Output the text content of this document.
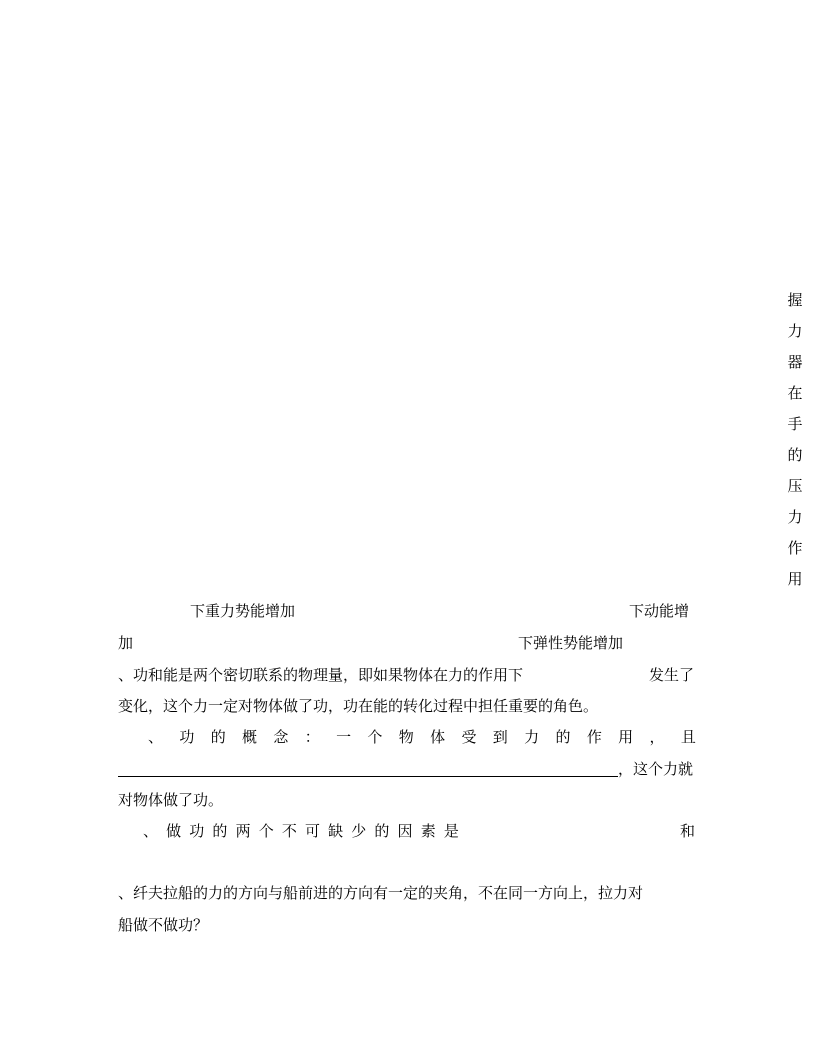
握
力
器
在
手
的
压
力
作
用
下重力势能增加	下动能增
加	下弹性势能增加
、功和能是两个密切联系的物理量，即如果物体在力的作用下	发生了
变化，这个力一定对物体做了功，功在能的转化过程中担任重要的角色。
、 功 的 概 念 ： 一 个 物 体 受 到 力 的 作 用 ， 且
，这个力就
对物体做了功。
、 做 功 的 两 个 不 可 缺 少 的 因 素 是	和
、纤夫拉船的力的方向与船前进的方向有一定的夹角，不在同一方向上，拉力对
船做不做功？
